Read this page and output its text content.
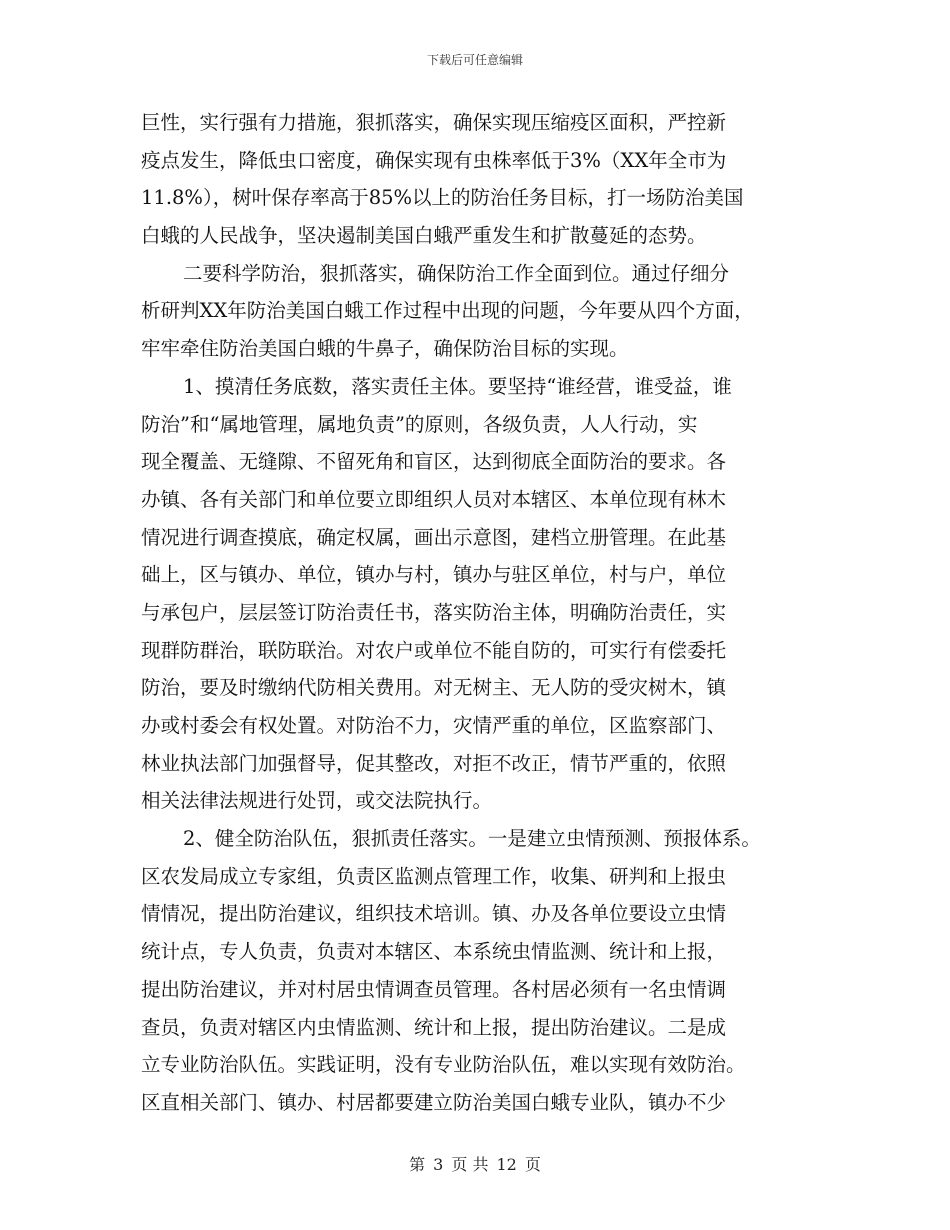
下载后可任意编辑
巨性，实行强有力措施，狠抓落实，确保实现压缩疫区面积，严控新
疫点发生，降低虫口密度，确保实现有虫株率低于3%（XX年全市为
11.8%），树叶保存率高于85%以上的防治任务目标，打一场防治美国
白蛾的人民战争，坚决遏制美国白蛾严重发生和扩散蔓延的态势。
二要科学防治，狠抓落实，确保防治工作全面到位。通过仔细分
析研判XX年防治美国白蛾工作过程中出现的问题，今年要从四个方面，
牢牢牵住防治美国白蛾的牛鼻子，确保防治目标的实现。
1、摸清任务底数，落实责任主体。要坚持“谁经营，谁受益，谁
防治”和“属地管理，属地负责”的原则，各级负责，人人行动，实
现全覆盖、无缝隙、不留死角和盲区，达到彻底全面防治的要求。各
办镇、各有关部门和单位要立即组织人员对本辖区、本单位现有林木
情况进行调查摸底，确定权属，画出示意图，建档立册管理。在此基
础上，区与镇办、单位，镇办与村，镇办与驻区单位，村与户，单位
与承包户，层层签订防治责任书，落实防治主体，明确防治责任，实
现群防群治，联防联治。对农户或单位不能自防的，可实行有偿委托
防治，要及时缴纳代防相关费用。对无树主、无人防的受灾树木，镇
办或村委会有权处置。对防治不力，灾情严重的单位，区监察部门、
林业执法部门加强督导，促其整改，对拒不改正，情节严重的，依照
相关法律法规进行处罚，或交法院执行。
2、健全防治队伍，狠抓责任落实。一是建立虫情预测、预报体系。
区农发局成立专家组，负责区监测点管理工作，收集、研判和上报虫
情情况，提出防治建议，组织技术培训。镇、办及各单位要设立虫情
统计点，专人负责，负责对本辖区、本系统虫情监测、统计和上报，
提出防治建议，并对村居虫情调查员管理。各村居必须有一名虫情调
查员，负责对辖区内虫情监测、统计和上报，提出防治建议。二是成
立专业防治队伍。实践证明，没有专业防治队伍，难以实现有效防治。
区直相关部门、镇办、村居都要建立防治美国白蛾专业队，镇办不少
第 3 页 共 12 页
